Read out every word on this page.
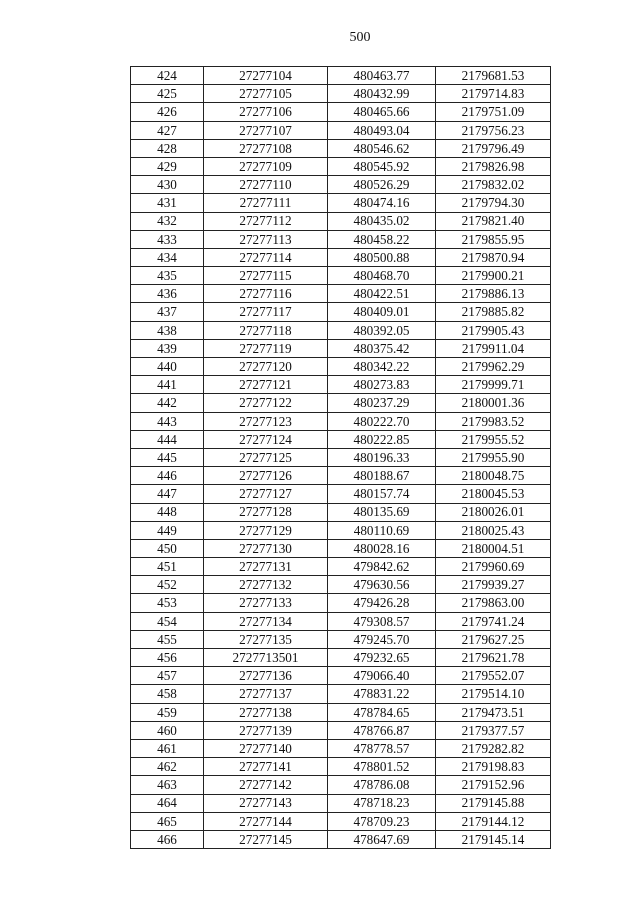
500
424	27277104	480463.77	2179681.53
425	27277105	480432.99	2179714.83
426	27277106	480465.66	2179751.09
427	27277107	480493.04	2179756.23
428	27277108	480546.62	2179796.49
429	27277109	480545.92	2179826.98
430	27277110	480526.29	2179832.02
431	27277111	480474.16	2179794.30
432	27277112	480435.02	2179821.40
433	27277113	480458.22	2179855.95
434	27277114	480500.88	2179870.94
435	27277115	480468.70	2179900.21
436	27277116	480422.51	2179886.13
437	27277117	480409.01	2179885.82
438	27277118	480392.05	2179905.43
439	27277119	480375.42	2179911.04
440	27277120	480342.22	2179962.29
441	27277121	480273.83	2179999.71
442	27277122	480237.29	2180001.36
443	27277123	480222.70	2179983.52
444	27277124	480222.85	2179955.52
445	27277125	480196.33	2179955.90
446	27277126	480188.67	2180048.75
447	27277127	480157.74	2180045.53
448	27277128	480135.69	2180026.01
449	27277129	480110.69	2180025.43
450	27277130	480028.16	2180004.51
451	27277131	479842.62	2179960.69
452	27277132	479630.56	2179939.27
453	27277133	479426.28	2179863.00
454	27277134	479308.57	2179741.24
455	27277135	479245.70	2179627.25
456	2727713501	479232.65	2179621.78
457	27277136	479066.40	2179552.07
458	27277137	478831.22	2179514.10
459	27277138	478784.65	2179473.51
460	27277139	478766.87	2179377.57
461	27277140	478778.57	2179282.82
462	27277141	478801.52	2179198.83
463	27277142	478786.08	2179152.96
464	27277143	478718.23	2179145.88
465	27277144	478709.23	2179144.12
466	27277145	478647.69	2179145.14
